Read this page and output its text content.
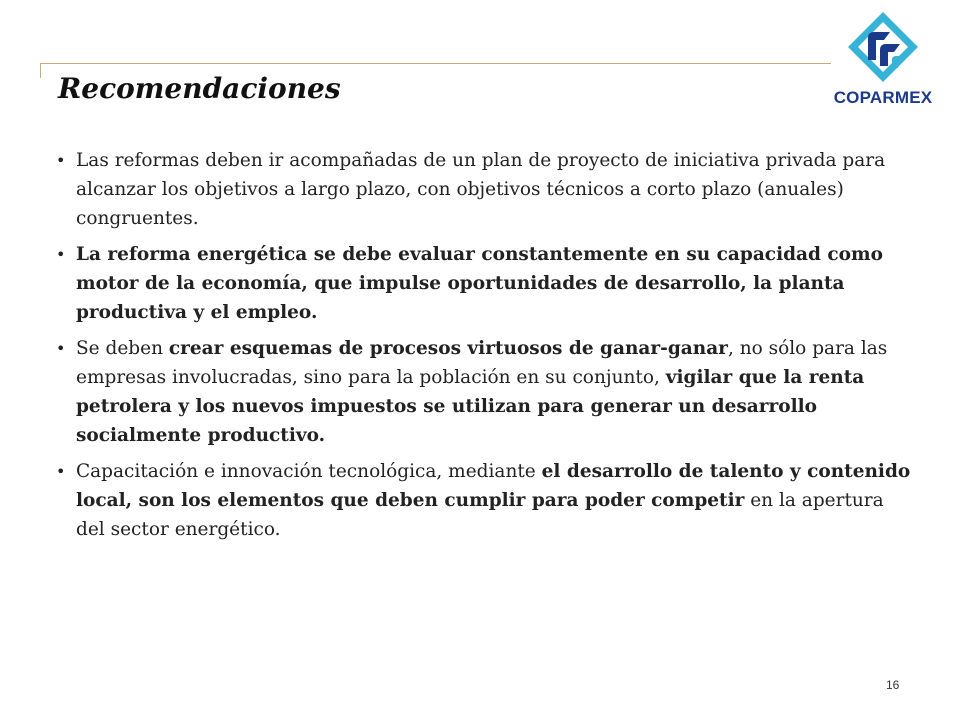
Recomendaciones	COPARMEX
• Las reformas deben ir acompañadas de un plan de proyecto de iniciativa privada para alcanzar los objetivos a largo plazo, con objetivos técnicos a corto plazo (anuales) congruentes.
• La reforma energética se debe evaluar constantemente en su capacidad como motor de la economía, que impulse oportunidades de desarrollo, la planta productiva y el empleo.
• Se deben crear esquemas de procesos virtuosos de ganar-ganar, no sólo para las empresas involucradas, sino para la población en su conjunto, vigilar que la renta petrolera y los nuevos impuestos se utilizan para generar un desarrollo socialmente productivo.
• Capacitación e innovación tecnológica, mediante el desarrollo de talento y contenido local, son los elementos que deben cumplir para poder competir en la apertura del sector energético.
16
